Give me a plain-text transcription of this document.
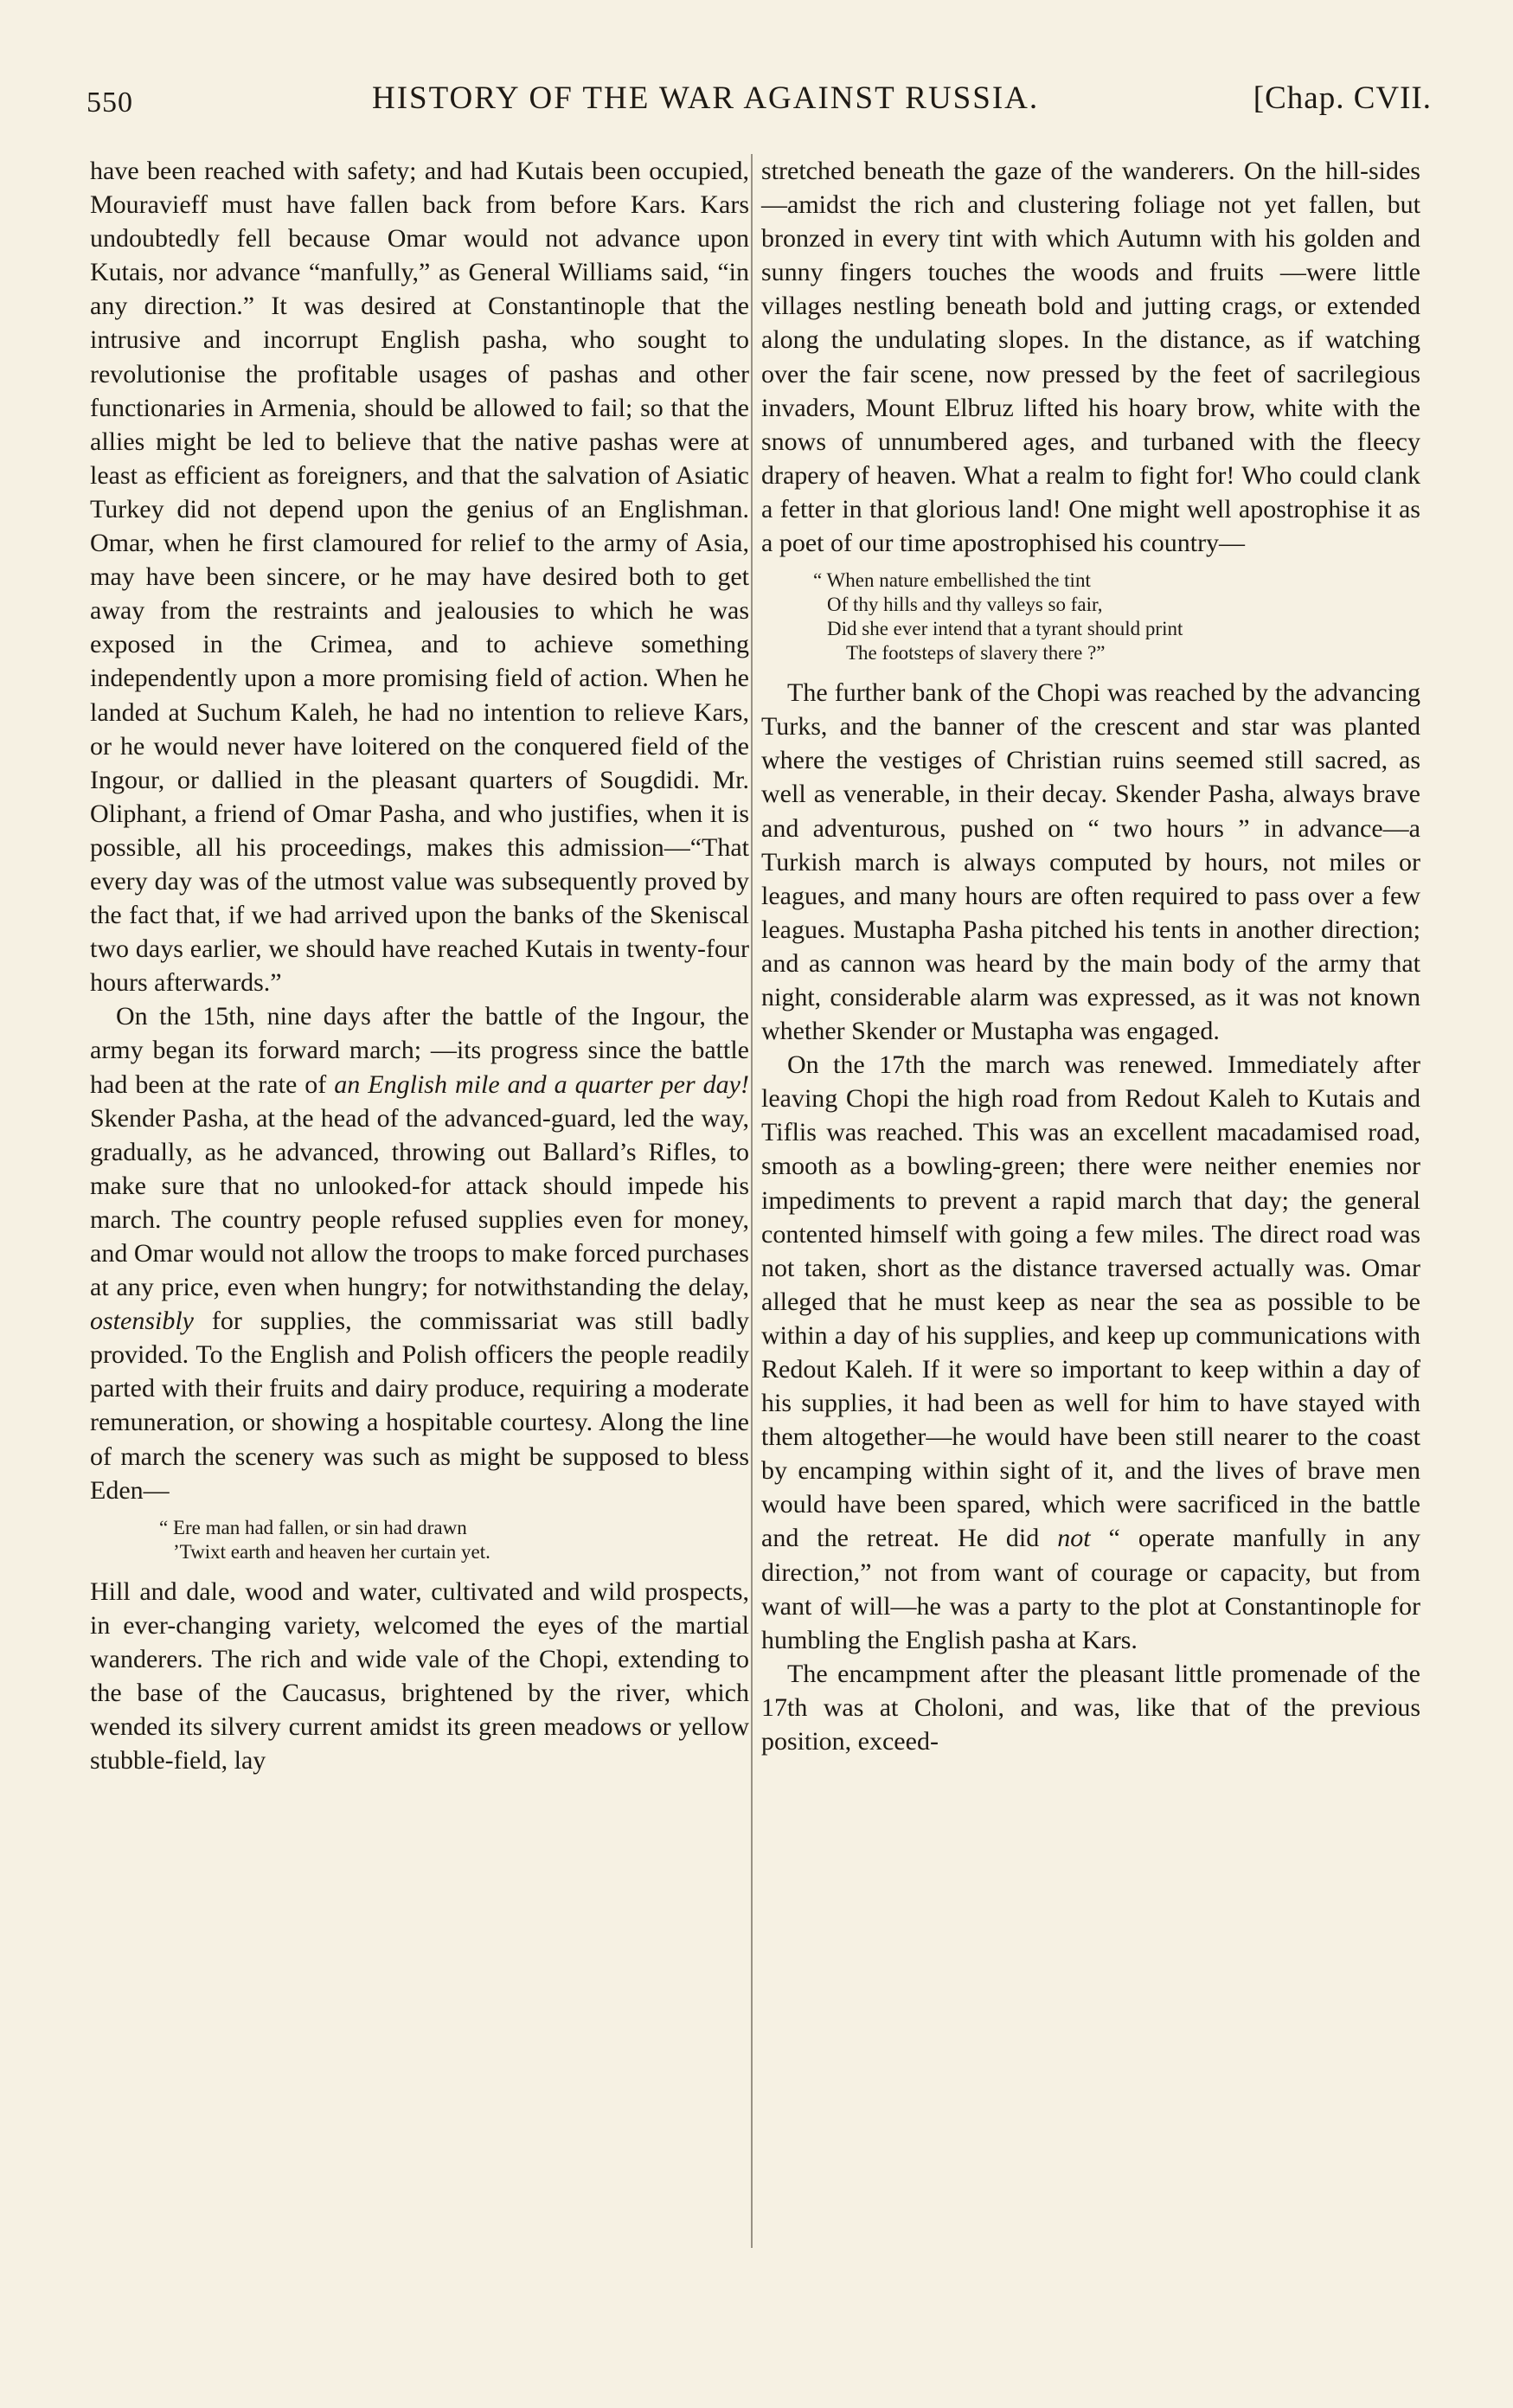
550	HISTORY OF THE WAR AGAINST RUSSIA.	[Chap. CVII.

have been reached with safety; and had Kutais been occupied, Mouravieff must have fallen back from before Kars. Kars undoubtedly fell because Omar would not advance upon Kutais, nor advance “manfully,” as General Williams said, “in any direction.” It was desired at Constantinople that the intrusive and incorrupt English pasha, who sought to revolutionise the profitable usages of pashas and other functionaries in Armenia, should be allowed to fail; so that the allies might be led to believe that the native pashas were at least as efficient as foreigners, and that the salvation of Asiatic Turkey did not depend upon the genius of an Englishman. Omar, when he first clamoured for relief to the army of Asia, may have been sincere, or he may have desired both to get away from the restraints and jealousies to which he was exposed in the Crimea, and to achieve something independently upon a more promising field of action. When he landed at Suchum Kaleh, he had no intention to relieve Kars, or he would never have loitered on the conquered field of the Ingour, or dallied in the pleasant quarters of Sougdidi. Mr. Oliphant, a friend of Omar Pasha, and who justifies, when it is possible, all his proceedings, makes this admission—“That every day was of the utmost value was subsequently proved by the fact that, if we had arrived upon the banks of the Skeniscal two days earlier, we should have reached Kutais in twenty-four hours afterwards.”

On the 15th, nine days after the battle of the Ingour, the army began its forward march; —its progress since the battle had been at the rate of an English mile and a quarter per day! Skender Pasha, at the head of the advanced-guard, led the way, gradually, as he advanced, throwing out Ballard’s Rifles, to make sure that no unlooked-for attack should impede his march. The country people refused supplies even for money, and Omar would not allow the troops to make forced purchases at any price, even when hungry; for notwithstanding the delay, ostensibly for supplies, the commissariat was still badly provided. To the English and Polish officers the people readily parted with their fruits and dairy produce, requiring a moderate remuneration, or showing a hospitable courtesy. Along the line of march the scenery was such as might be supposed to bless Eden—

“ Ere man had fallen, or sin had drawn
’Twixt earth and heaven her curtain yet.

Hill and dale, wood and water, cultivated and wild prospects, in ever-changing variety, welcomed the eyes of the martial wanderers. The rich and wide vale of the Chopi, extending to the base of the Caucasus, brightened by the river, which wended its silvery current amidst its green meadows or yellow stubble-field, lay

stretched beneath the gaze of the wanderers. On the hill-sides—amidst the rich and clustering foliage not yet fallen, but bronzed in every tint with which Autumn with his golden and sunny fingers touches the woods and fruits —were little villages nestling beneath bold and jutting crags, or extended along the undulating slopes. In the distance, as if watching over the fair scene, now pressed by the feet of sacrilegious invaders, Mount Elbruz lifted his hoary brow, white with the snows of unnumbered ages, and turbaned with the fleecy drapery of heaven. What a realm to fight for! Who could clank a fetter in that glorious land! One might well apostrophise it as a poet of our time apostrophised his country—

“ When nature embellished the tint
Of thy hills and thy valleys so fair,
Did she ever intend that a tyrant should print
The footsteps of slavery there ?”

The further bank of the Chopi was reached by the advancing Turks, and the banner of the crescent and star was planted where the vestiges of Christian ruins seemed still sacred, as well as venerable, in their decay. Skender Pasha, always brave and adventurous, pushed on “ two hours ” in advance—a Turkish march is always computed by hours, not miles or leagues, and many hours are often required to pass over a few leagues. Mustapha Pasha pitched his tents in another direction; and as cannon was heard by the main body of the army that night, considerable alarm was expressed, as it was not known whether Skender or Mustapha was engaged.

On the 17th the march was renewed. Immediately after leaving Chopi the high road from Redout Kaleh to Kutais and Tiflis was reached. This was an excellent macadamised road, smooth as a bowling-green; there were neither enemies nor impediments to prevent a rapid march that day; the general contented himself with going a few miles. The direct road was not taken, short as the distance traversed actually was. Omar alleged that he must keep as near the sea as possible to be within a day of his supplies, and keep up communications with Redout Kaleh. If it were so important to keep within a day of his supplies, it had been as well for him to have stayed with them altogether—he would have been still nearer to the coast by encamping within sight of it, and the lives of brave men would have been spared, which were sacrificed in the battle and the retreat. He did not “ operate manfully in any direction,” not from want of courage or capacity, but from want of will—he was a party to the plot at Constantinople for humbling the English pasha at Kars.

The encampment after the pleasant little promenade of the 17th was at Choloni, and was, like that of the previous position, exceed-
